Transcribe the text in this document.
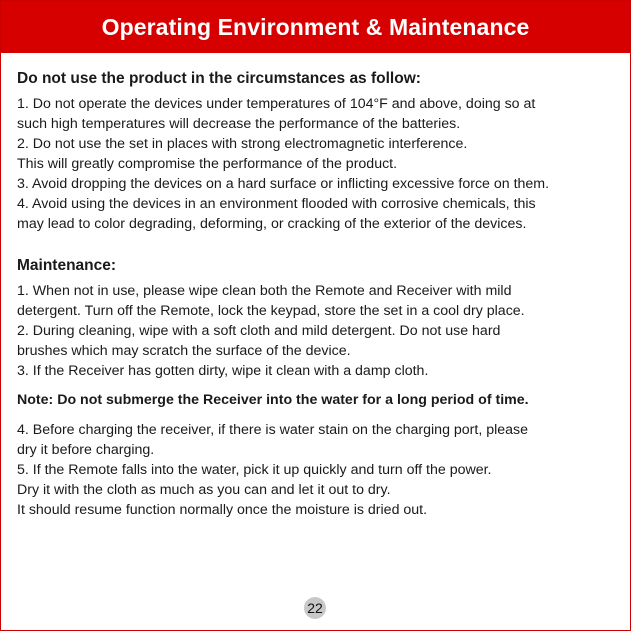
Operating Environment & Maintenance
Do not use the product in the circumstances as follow:

1. Do not operate the devices under temperatures of 104°F and above, doing so at

such high temperatures will decrease the performance of the batteries.

2. Do not use the set in places with strong electromagnetic interference.

This will greatly compromise the performance of the product.

3. Avoid dropping the devices on a hard surface or inflicting excessive force on them.

4. Avoid using the devices in an environment flooded with corrosive chemicals, this

may lead to color degrading, deforming, or cracking of the exterior of the devices.

Maintenance:

1. When not in use, please wipe clean both the Remote and Receiver with mild

detergent. Turn off the Remote, lock the keypad, store the set in a cool dry place.

2. During cleaning, wipe with a soft cloth and mild detergent. Do not use hard

brushes which may scratch the surface of the device.

3. If the Receiver has gotten dirty, wipe it clean with a damp cloth.

Note: Do not submerge the Receiver into the water for a long period of time.

4. Before charging the receiver, if there is water stain on the charging port, please

dry it before charging.

5. If the Remote falls into the water, pick it up quickly and turn off the power.

Dry it with the cloth as much as you can and let it out to dry.

It should resume function normally once the moisture is dried out.

22
